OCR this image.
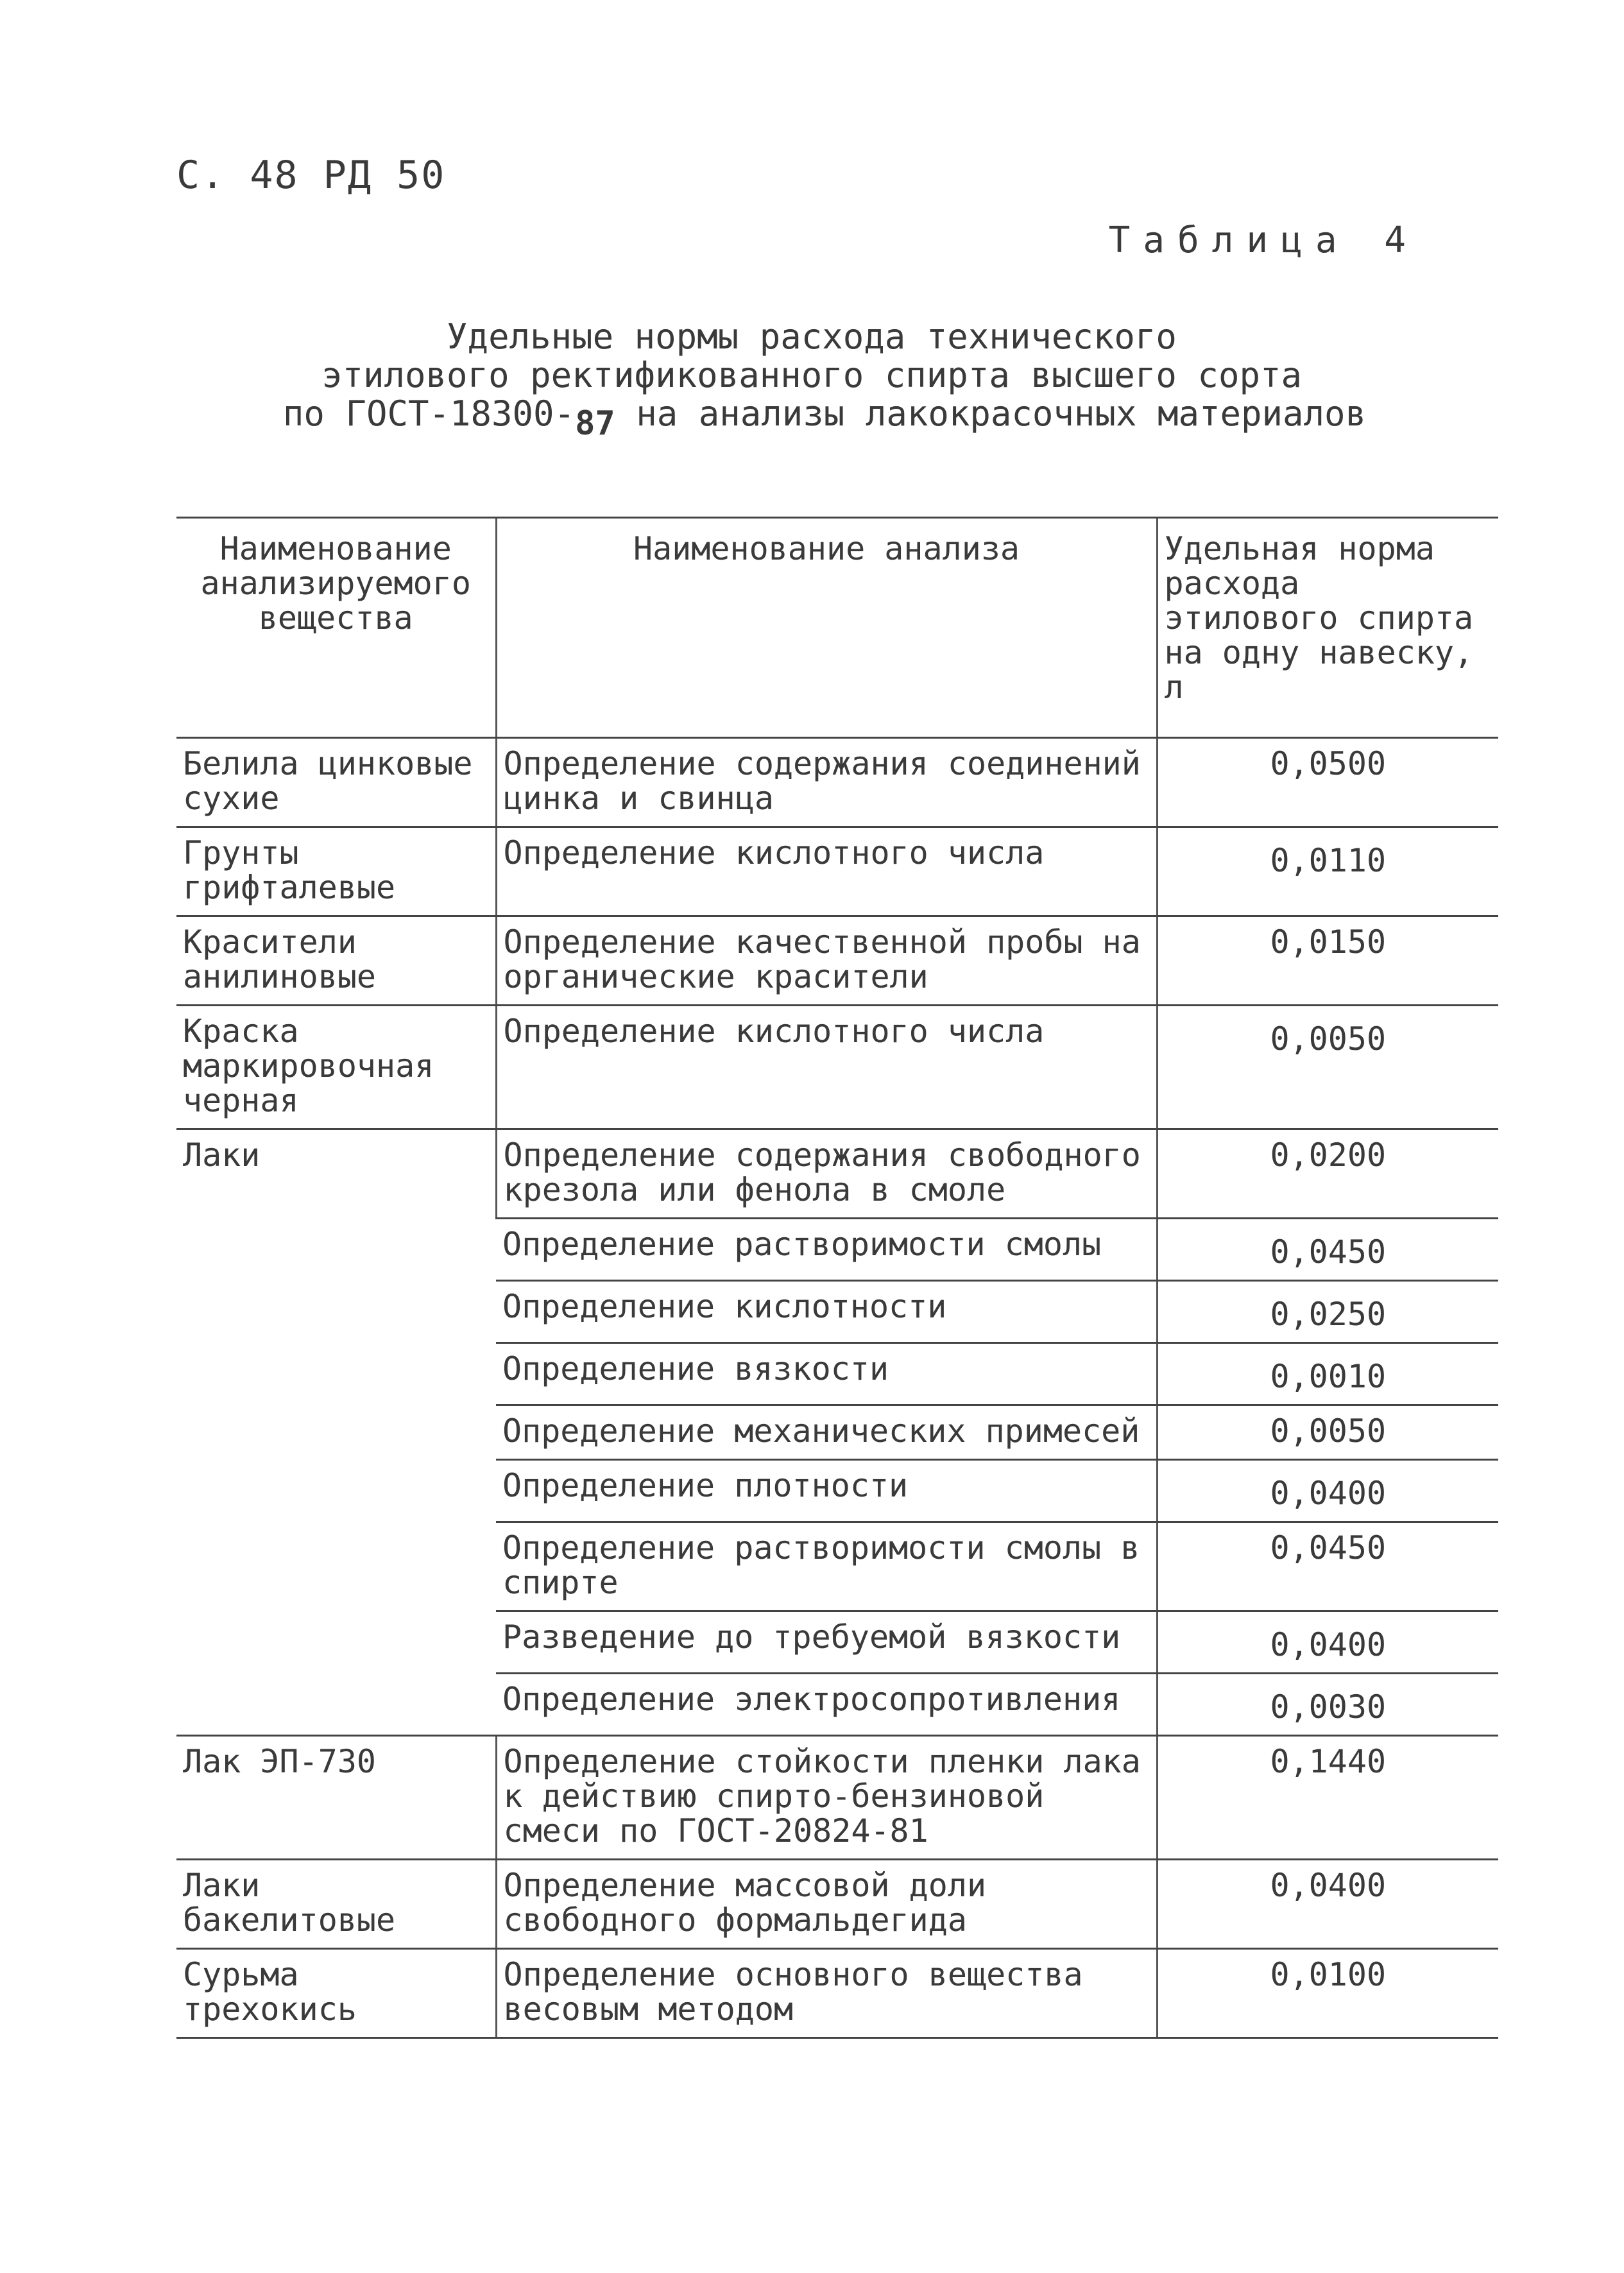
С. 48 РД 50
Таблица 4
Удельные нормы расхода технического
этилового ректификованного спирта высшего сорта
по ГОСТ-18300-87 на анализы лакокрасочных материалов
Наименование анализируемого вещества	Наименование анализа	Удельная норма расхода этилового спирта на одну навеску, л
Белила цинковые сухие	Определение содержания соединений цинка и свинца	0,0500
Грунты грифталевые	Определение кислотного числа	0,0110
Красители анилиновые	Определение качественной пробы на органические красители	0,0150
Краска маркировочная черная	Определение кислотного числа	0,0050
Лаки	Определение содержания свободного крезола или фенола в смоле	0,0200
	Определение растворимости смолы	0,0450
	Определение кислотности	0,0250
	Определение вязкости	0,0010
	Определение механических примесей	0,0050
	Определение плотности	0,0400
	Определение растворимости смолы в спирте	0,0450
	Разведение до требуемой вязкости	0,0400
	Определение электросопротивления	0,0030
Лак ЭП-730	Определение стойкости пленки лака к действию спирто-бензиновой смеси по ГОСТ-20824-81	0,1440
Лаки бакелитовые	Определение массовой доли свободного формальдегида	0,0400
Сурьма трехокись	Определение основного вещества весовым методом	0,0100
